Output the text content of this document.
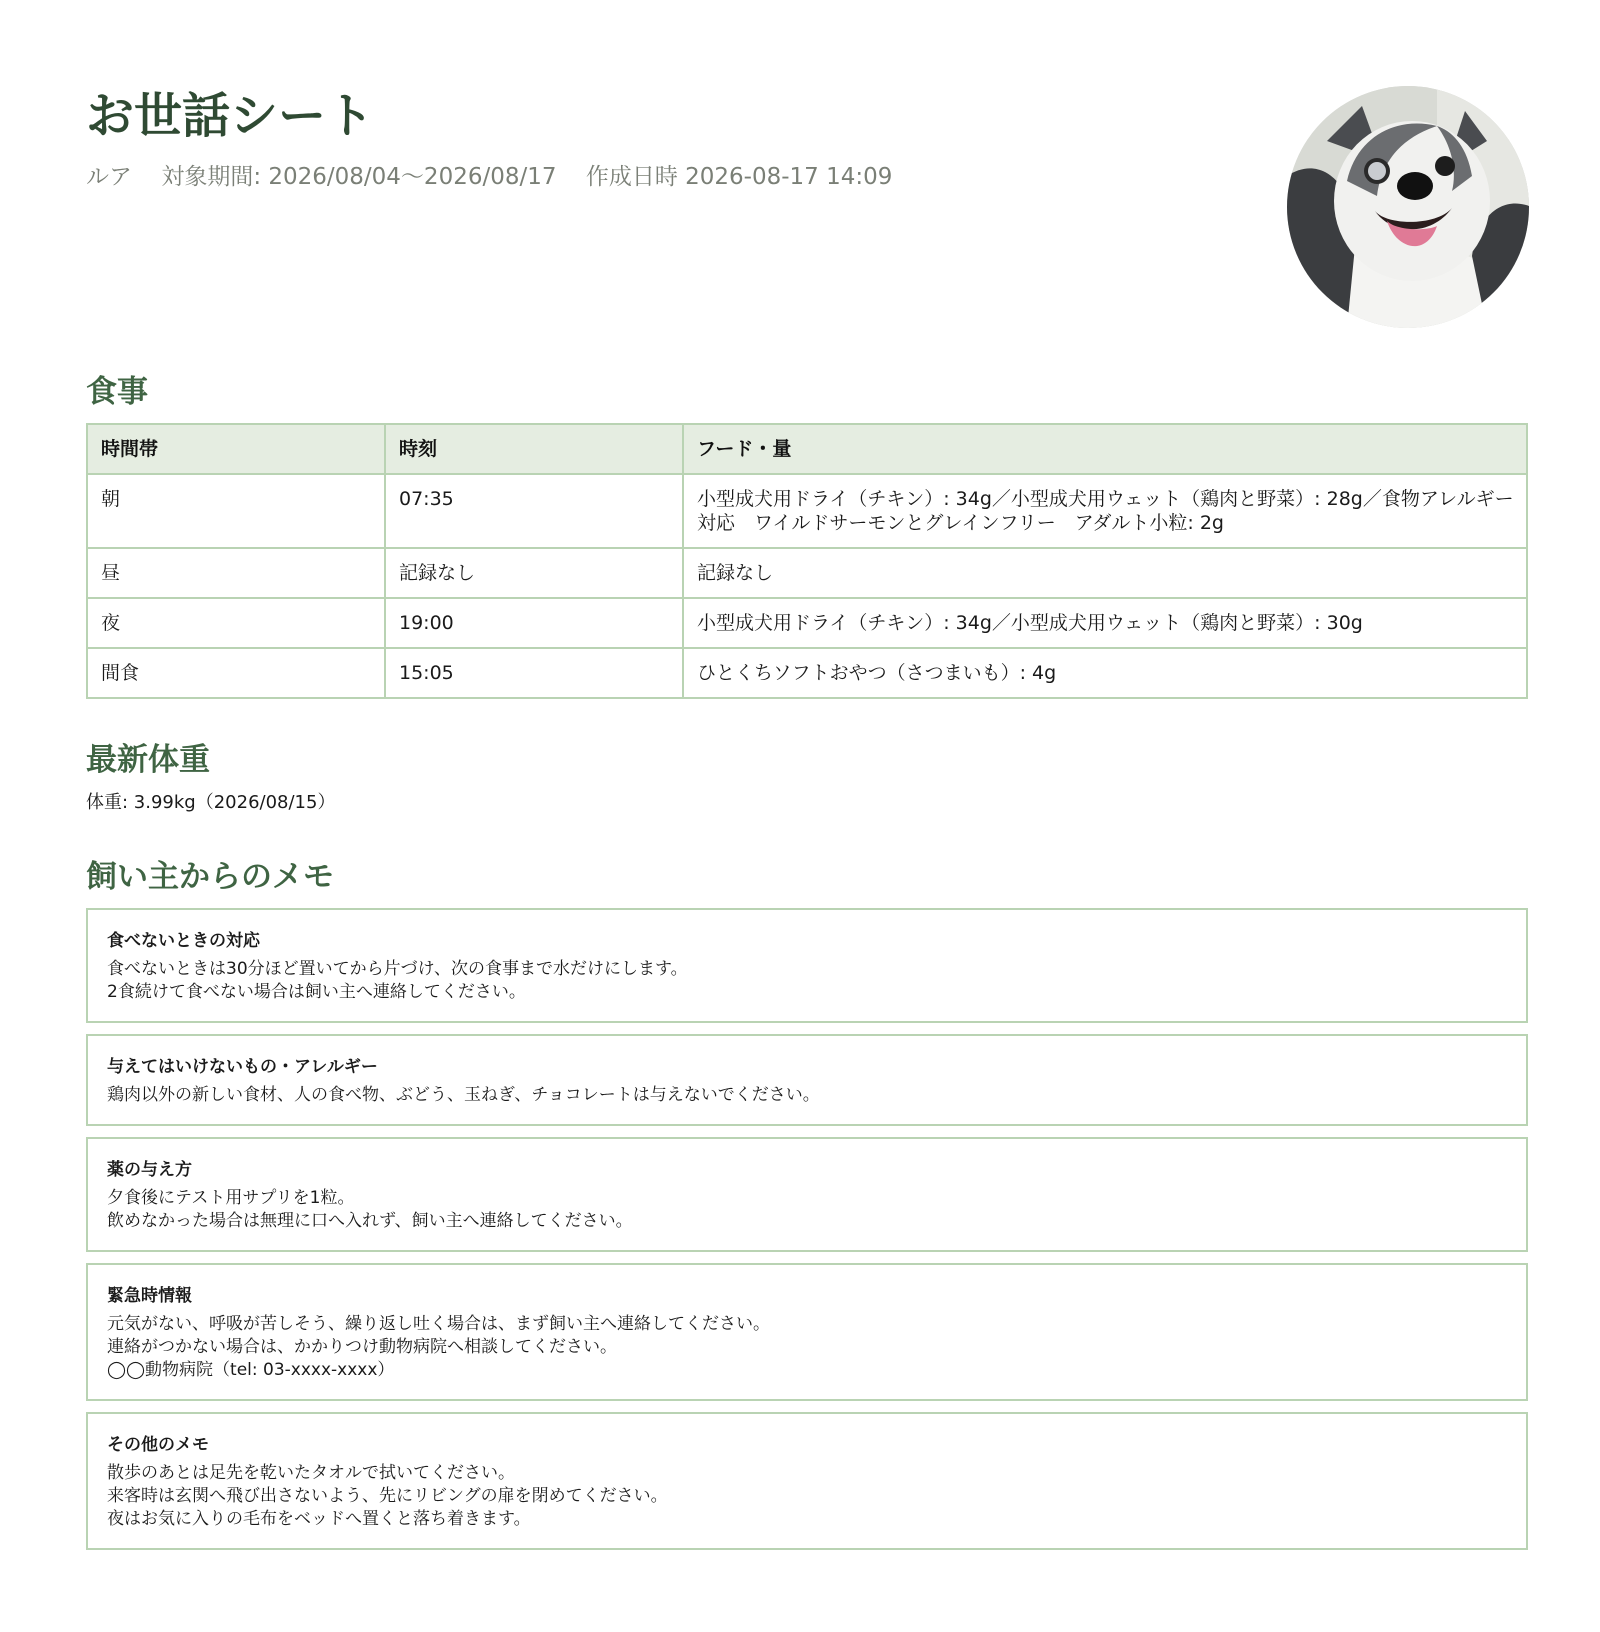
お世話シート
ルア 対象期間: 2026/08/04〜2026/08/17 作成日時 2026-08-17 14:09
食事
時間帯	時刻	フード・量
朝	07:35	小型成犬用ドライ（チキン）: 34g／小型成犬用ウェット（鶏肉と野菜）: 28g／食物アレルギー対応　ワイルドサーモンとグレインフリー　アダルト小粒: 2g
昼	記録なし	記録なし
夜	19:00	小型成犬用ドライ（チキン）: 34g／小型成犬用ウェット（鶏肉と野菜）: 30g
間食	15:05	ひとくちソフトおやつ（さつまいも）: 4g
最新体重
体重: 3.99kg（2026/08/15）
飼い主からのメモ
食べないときの対応
食べないときは30分ほど置いてから片づけ、次の食事まで水だけにします。
2食続けて食べない場合は飼い主へ連絡してください。
与えてはいけないもの・アレルギー
鶏肉以外の新しい食材、人の食べ物、ぶどう、玉ねぎ、チョコレートは与えないでください。
薬の与え方
夕食後にテスト用サプリを1粒。
飲めなかった場合は無理に口へ入れず、飼い主へ連絡してください。
緊急時情報
元気がない、呼吸が苦しそう、繰り返し吐く場合は、まず飼い主へ連絡してください。
連絡がつかない場合は、かかりつけ動物病院へ相談してください。
◯◯動物病院（tel: 03-xxxx-xxxx）
その他のメモ
散歩のあとは足先を乾いたタオルで拭いてください。
来客時は玄関へ飛び出さないよう、先にリビングの扉を閉めてください。
夜はお気に入りの毛布をベッドへ置くと落ち着きます。
